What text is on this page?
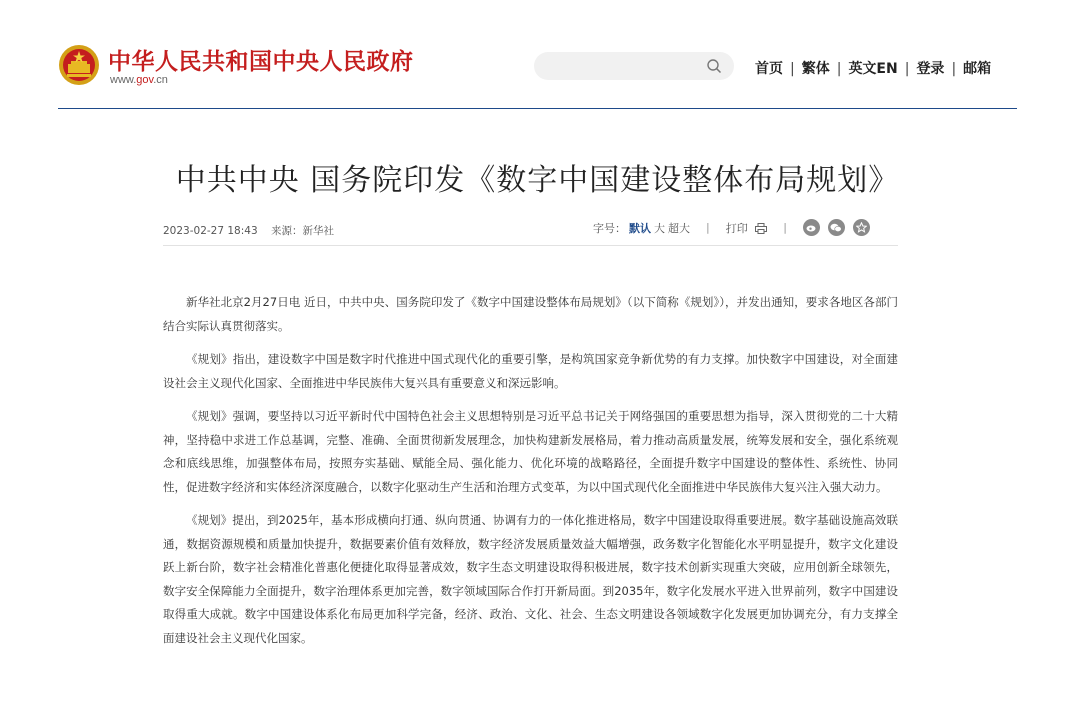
中华人民共和国中央人民政府
www.gov.cn
首页 | 繁体 | 英文EN | 登录 | 邮箱
中共中央 国务院印发《数字中国建设整体布局规划》
2023-02-27 18:43 来源：新华社	字号： 默认 大 超大 | 打印	|

新华社北京2月27日电 近日，中共中央、国务院印发了《数字中国建设整体布局规划》（以下简称《规划》），并发出通知，要求各地区各部门结合实际认真贯彻落实。

《规划》指出，建设数字中国是数字时代推进中国式现代化的重要引擎，是构筑国家竞争新优势的有力支撑。加快数字中国建设，对全面建设社会主义现代化国家、全面推进中华民族伟大复兴具有重要意义和深远影响。

《规划》强调，要坚持以习近平新时代中国特色社会主义思想特别是习近平总书记关于网络强国的重要思想为指导，深入贯彻党的二十大精神，坚持稳中求进工作总基调，完整、准确、全面贯彻新发展理念，加快构建新发展格局，着力推动高质量发展，统筹发展和安全，强化系统观念和底线思维，加强整体布局，按照夯实基础、赋能全局、强化能力、优化环境的战略路径，全面提升数字中国建设的整体性、系统性、协同性，促进数字经济和实体经济深度融合，以数字化驱动生产生活和治理方式变革，为以中国式现代化全面推进中华民族伟大复兴注入强大动力。

《规划》提出，到2025年，基本形成横向打通、纵向贯通、协调有力的一体化推进格局，数字中国建设取得重要进展。数字基础设施高效联通，数据资源规模和质量加快提升，数据要素价值有效释放，数字经济发展质量效益大幅增强，政务数字化智能化水平明显提升，数字文化建设跃上新台阶，数字社会精准化普惠化便捷化取得显著成效，数字生态文明建设取得积极进展，数字技术创新实现重大突破，应用创新全球领先，数字安全保障能力全面提升，数字治理体系更加完善，数字领域国际合作打开新局面。到2035年，数字化发展水平进入世界前列，数字中国建设取得重大成就。数字中国建设体系化布局更加科学完备，经济、政治、文化、社会、生态文明建设各领域数字化发展更加协调充分，有力支撑全面建设社会主义现代化国家。
